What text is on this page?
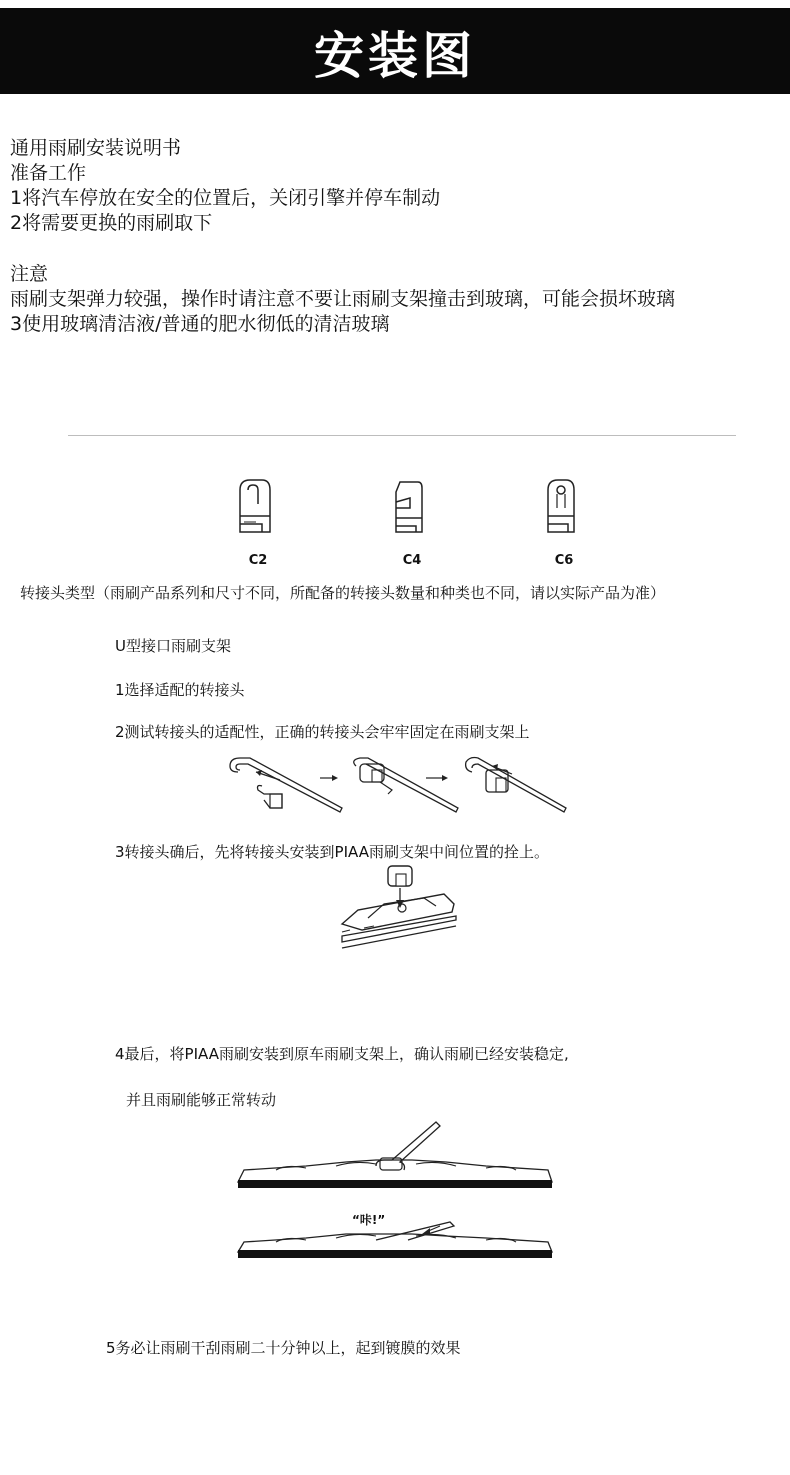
安装图
通用雨刷安装说明书
准备工作
1将汽车停放在安全的位置后，关闭引擎并停车制动
2将需要更换的雨刷取下
注意
雨刷支架弹力较强，操作时请注意不要让雨刷支架撞击到玻璃，可能会损坏玻璃
3使用玻璃清洁液/普通的肥水彻低的清洁玻璃
C2	C4	C6
转接头类型（雨刷产品系列和尺寸不同，所配备的转接头数量和种类也不同，请以实际产品为准）
U型接口雨刷支架
1选择适配的转接头
2测试转接头的适配性，正确的转接头会牢牢固定在雨刷支架上
3转接头确后，先将转接头安装到PIAA雨刷支架中间位置的拴上。
4最后，将PIAA雨刷安装到原车雨刷支架上，确认雨刷已经安装稳定,
并且雨刷能够正常转动
“咔!”
5务必让雨刷干刮雨刷二十分钟以上，起到镀膜的效果
